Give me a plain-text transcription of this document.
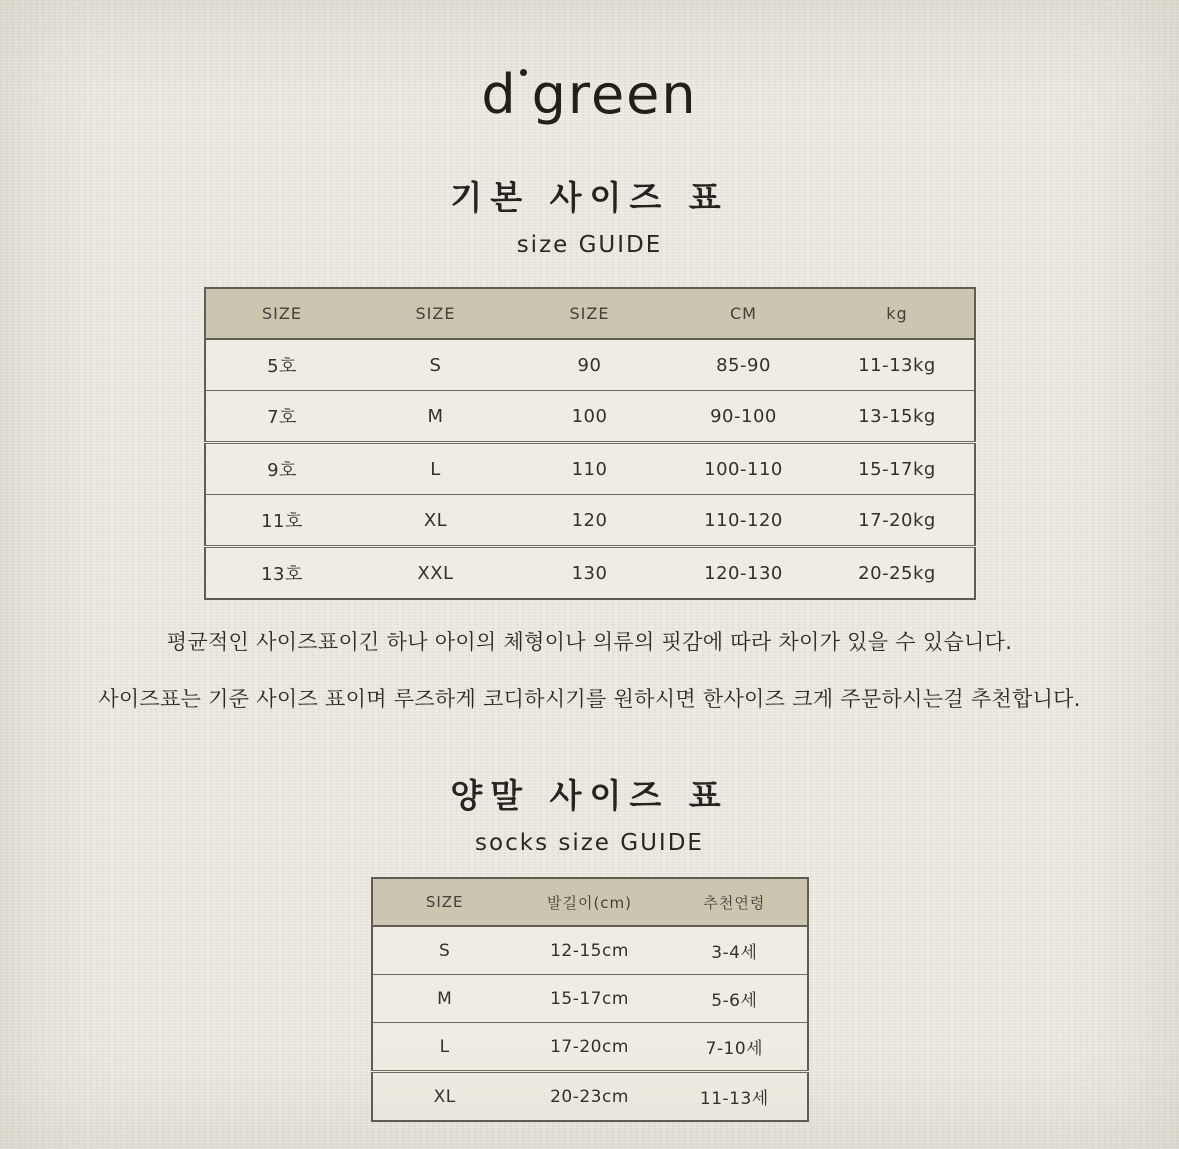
d green
기본 사이즈 표
size GUIDE
SIZE	SIZE	SIZE	CM	kg
5호	S	90	85-90	11-13kg
7호	M	100	90-100	13-15kg
9호	L	110	100-110	15-17kg
11호	XL	120	110-120	17-20kg
13호	XXL	130	120-130	20-25kg

평균적인 사이즈표이긴 하나 아이의 체형이나 의류의 핏감에 따라 차이가 있을 수 있습니다.

사이즈표는 기준 사이즈 표이며 루즈하게 코디하시기를 원하시면 한사이즈 크게 주문하시는걸 추천합니다.

양말 사이즈 표
socks size GUIDE
SIZE	발길이(cm)	추천연령
S	12-15cm	3-4세
M	15-17cm	5-6세
L	17-20cm	7-10세
XL	20-23cm	11-13세
